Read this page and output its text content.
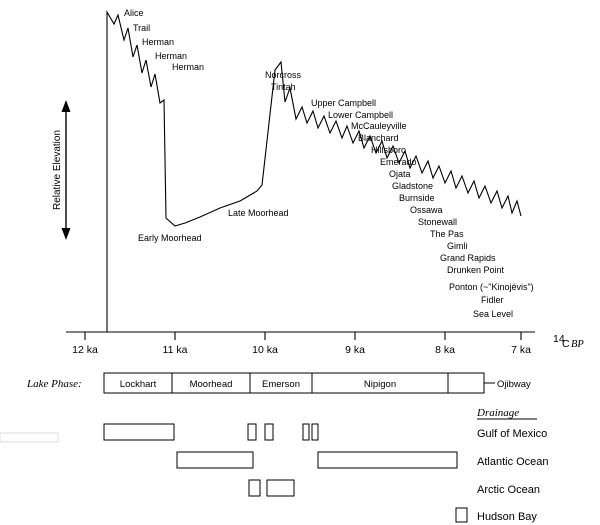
Relative Elevation
Alice
Trail
Herman
Herman
Herman
Early Moorhead
Late Moorhead
Norcross
Tintah
Upper Campbell
Lower Campbell
McCauleyville
Blanchard
Hillsboro
Emerado
Ojata
Gladstone
Burnside
Ossawa
Stonewall
The Pas
Gimli
Grand Rapids
Drunken Point
Ponton (~"Kinojévis")
Fidler
Sea Level
12 ka	11 ka	10 ka	9 ka	8 ka	7 ka
14
C BP
Lake Phase:	Lockhart	Moorhead	Emerson	Nipigon	Ojibway
Drainage
Gulf of Mexico
Atlantic Ocean
Arctic Ocean
Hudson Bay
